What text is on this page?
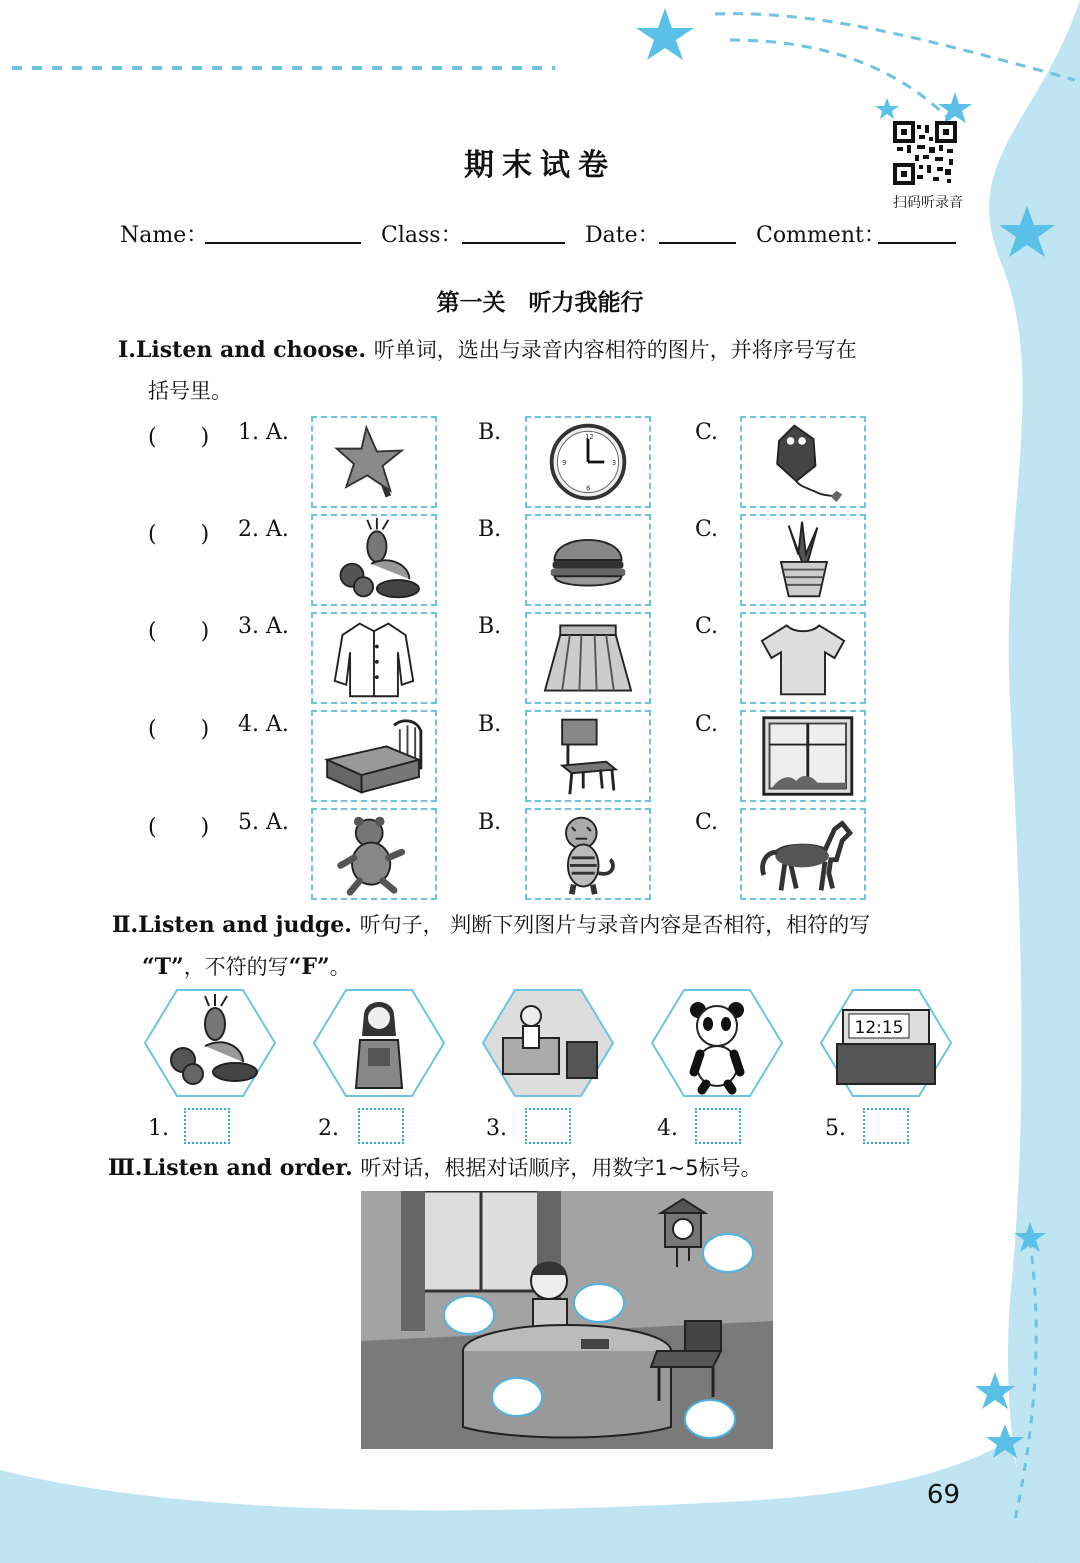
期末试卷
扫码听录音
Name：	Class：	Date：	Comment：
第一关　听力我能行
Ⅰ.Listen and choose. 听单词，选出与录音内容相符的图片，并将序号写在
括号里。
(　　) 1. A.	B.	C.
12
3
6
9
(　　) 2. A.	B.	C.
(　　) 3. A.	B.	C.
(　　) 4. A.	B.	C.
(　　) 5. A.	B.	C.
Ⅱ.Listen and judge. 听句子， 判断下列图片与录音内容是否相符，相符的写
“T”，不符的写“F”。
12:15
1.	2.	3.	4.	5.
Ⅲ.Listen and order. 听对话，根据对话顺序，用数字1~5标号。
69
